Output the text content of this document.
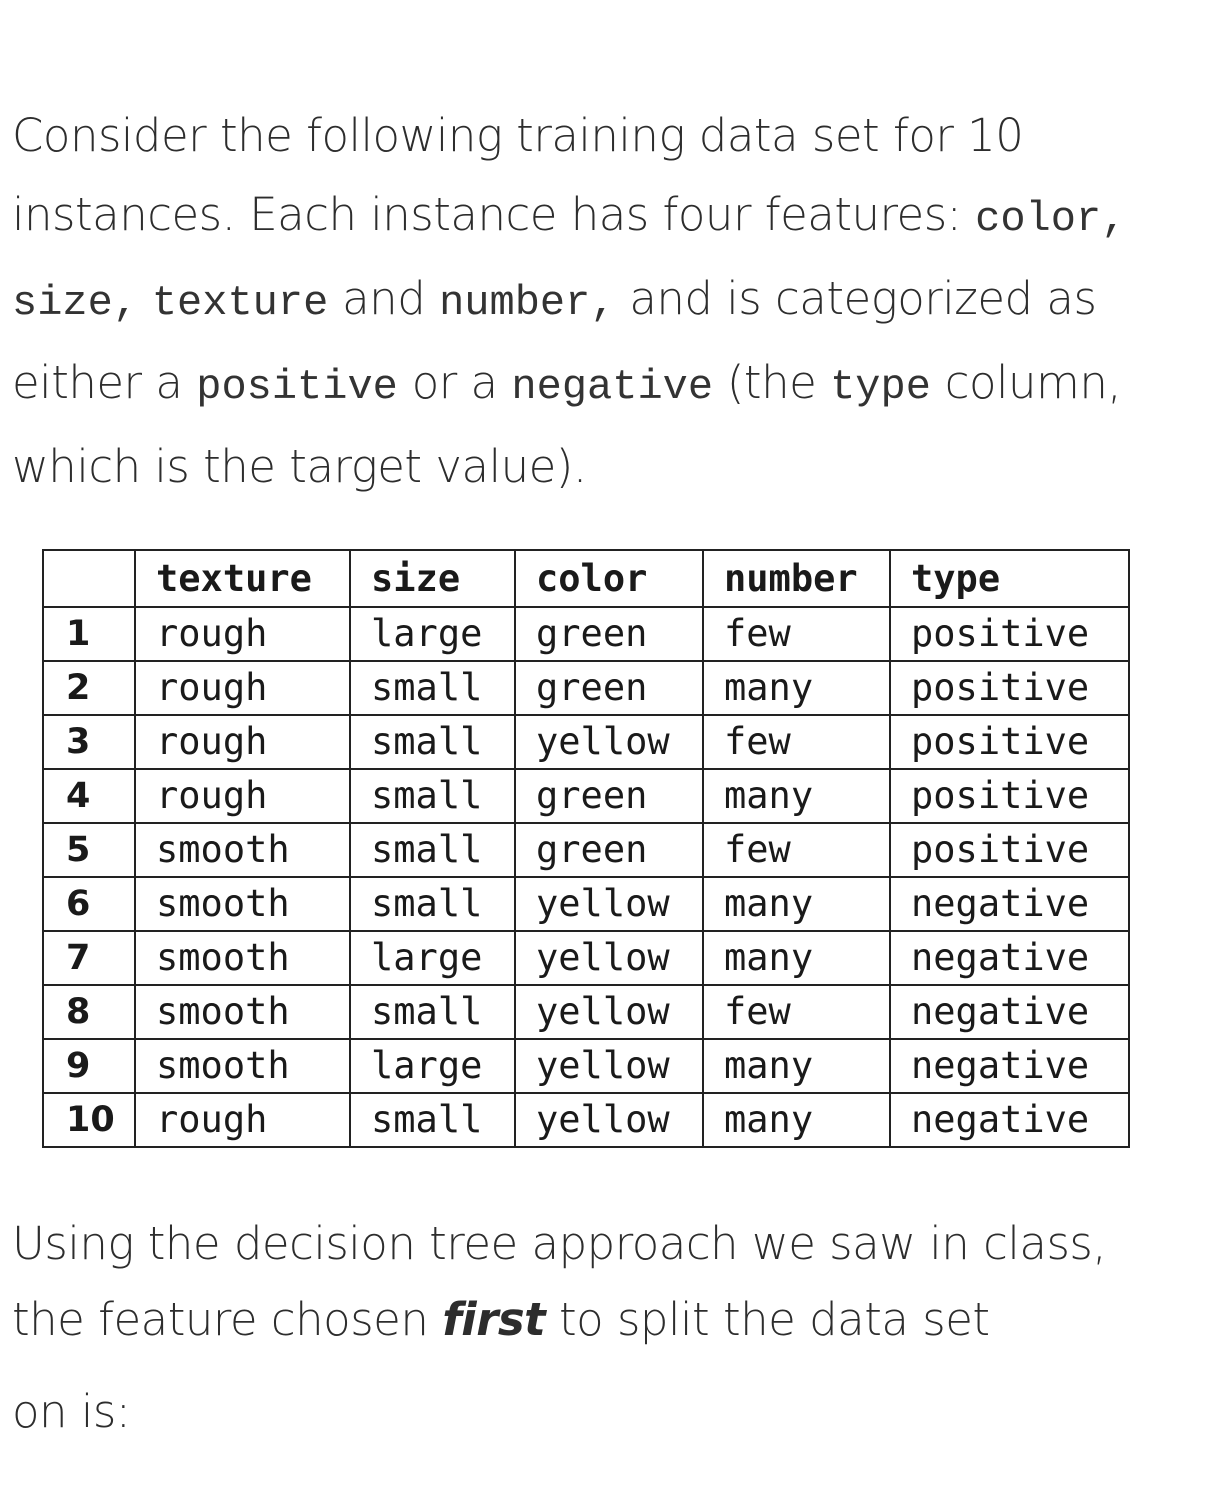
Consider the following training data set for 10 instances. Each instance has four features: color, size, texture and number, and is categorized as either a positive or a negative (the type column, which is the target value).
	texture	size	color	number	type
1	rough	large	green	few	positive
2	rough	small	green	many	positive
3	rough	small	yellow	few	positive
4	rough	small	green	many	positive
5	smooth	small	green	few	positive
6	smooth	small	yellow	many	negative
7	smooth	large	yellow	many	negative
8	smooth	small	yellow	few	negative
9	smooth	large	yellow	many	negative
10	rough	small	yellow	many	negative
Using the decision tree approach we saw in class, the feature chosen first to split the data set
on is:
